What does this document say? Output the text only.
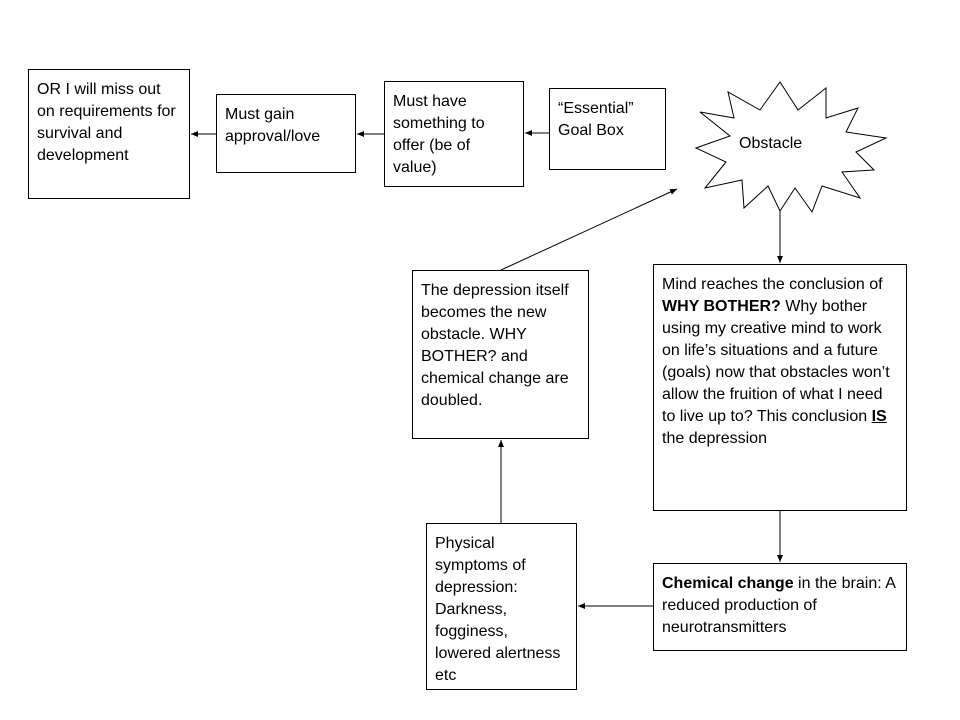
Obstacle
OR I will miss out on requirements for survival and development
Must gain approval/love
Must have something to offer (be of value)
“Essential” Goal Box
The depression itself becomes the new obstacle. WHY BOTHER? and chemical change are doubled.
Mind reaches the conclusion of WHY BOTHER? Why bother using my creative mind to work on life’s situations and a future (goals) now that obstacles won’t allow the fruition of what I need to live up to? This conclusion IS the depression
Chemical change in the brain: A reduced production of neurotransmitters
Physical symptoms of depression: Darkness, fogginess, lowered alertness etc
